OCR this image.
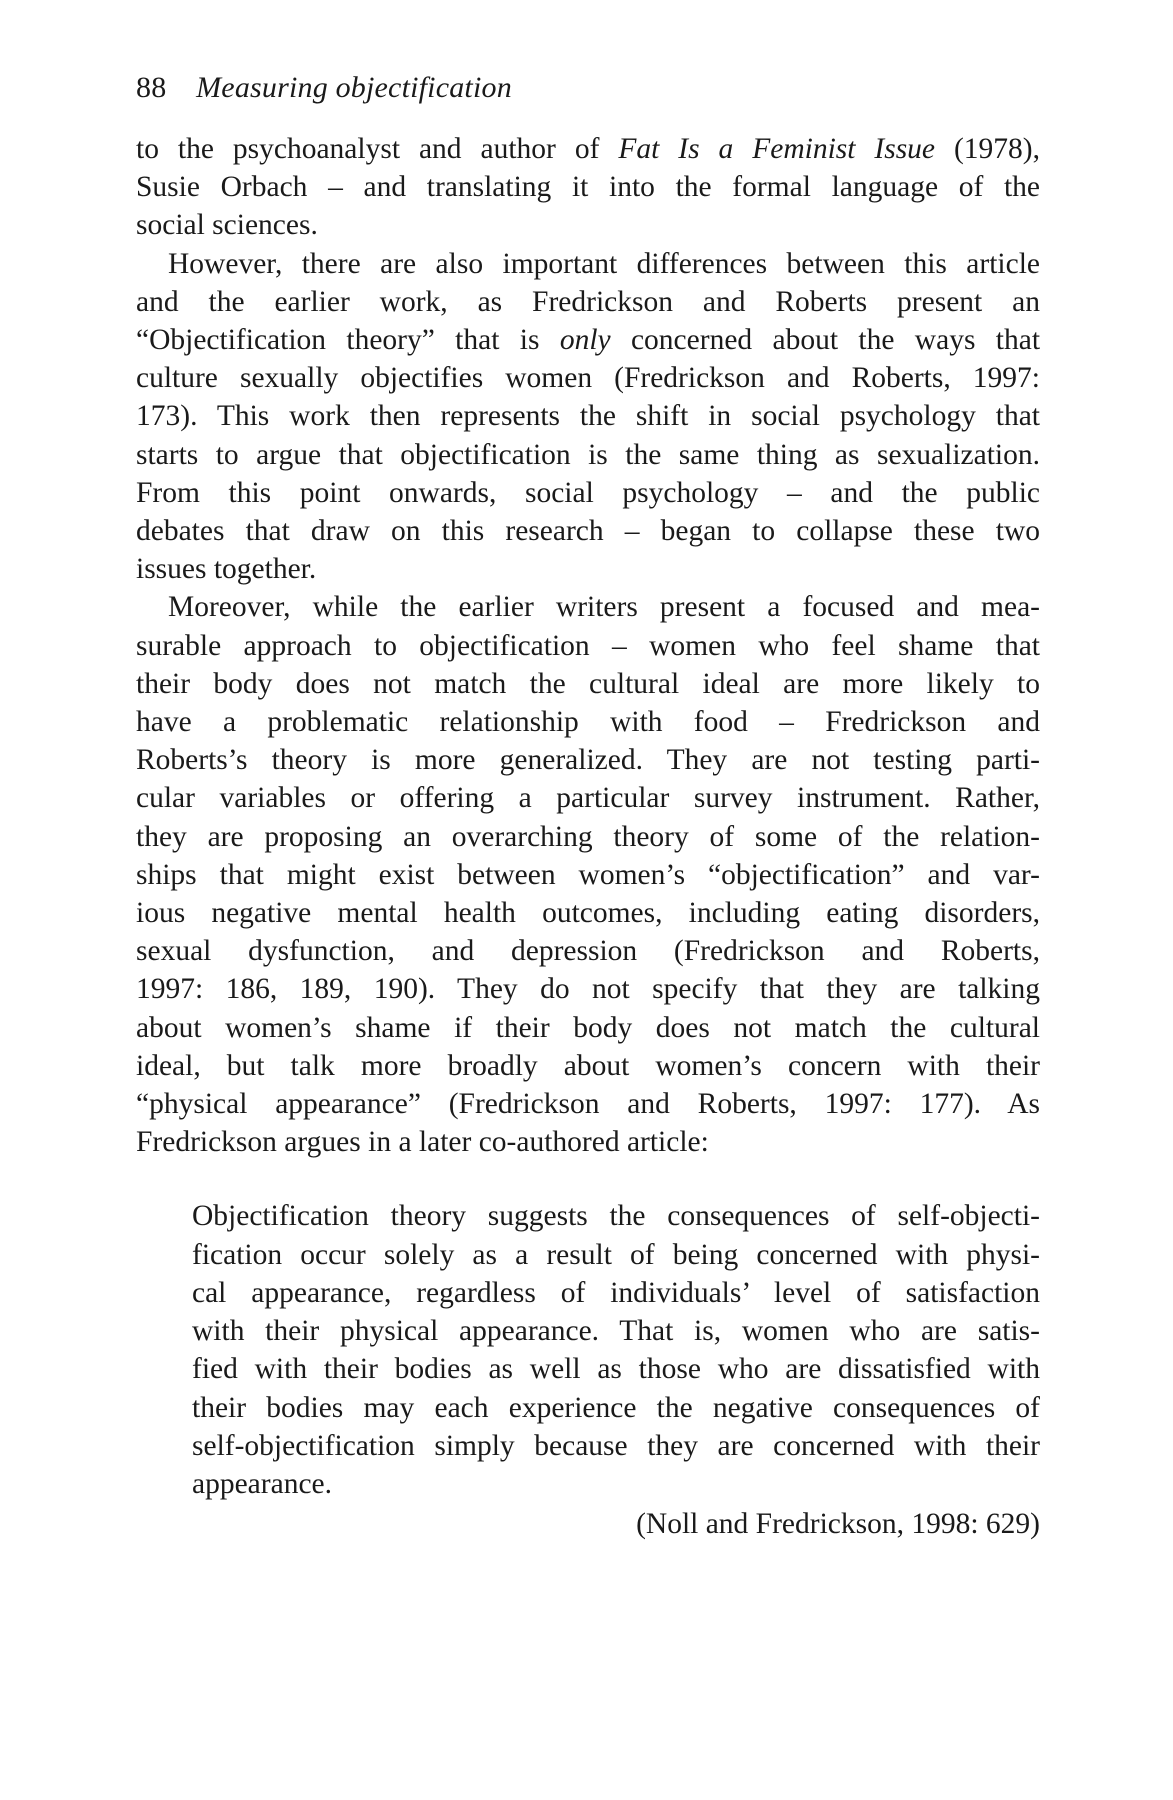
88 Measuring objectification
to the psychoanalyst and author of Fat Is a Feminist Issue (1978),
Susie Orbach – and translating it into the formal language of the
social sciences.
However, there are also important differences between this article
and the earlier work, as Fredrickson and Roberts present an
“Objectification theory” that is only concerned about the ways that
culture sexually objectifies women (Fredrickson and Roberts, 1997:
173). This work then represents the shift in social psychology that
starts to argue that objectification is the same thing as sexualization.
From this point onwards, social psychology – and the public
debates that draw on this research – began to collapse these two
issues together.
Moreover, while the earlier writers present a focused and mea-
surable approach to objectification – women who feel shame that
their body does not match the cultural ideal are more likely to
have a problematic relationship with food – Fredrickson and
Roberts’s theory is more generalized. They are not testing parti-
cular variables or offering a particular survey instrument. Rather,
they are proposing an overarching theory of some of the relation-
ships that might exist between women’s “objectification” and var-
ious negative mental health outcomes, including eating disorders,
sexual dysfunction, and depression (Fredrickson and Roberts,
1997: 186, 189, 190). They do not specify that they are talking
about women’s shame if their body does not match the cultural
ideal, but talk more broadly about women’s concern with their
“physical appearance” (Fredrickson and Roberts, 1997: 177). As
Fredrickson argues in a later co-authored article:
Objectification theory suggests the consequences of self-objecti-
fication occur solely as a result of being concerned with physi-
cal appearance, regardless of individuals’ level of satisfaction
with their physical appearance. That is, women who are satis-
fied with their bodies as well as those who are dissatisfied with
their bodies may each experience the negative consequences of
self-objectification simply because they are concerned with their
appearance.
(Noll and Fredrickson, 1998: 629)
